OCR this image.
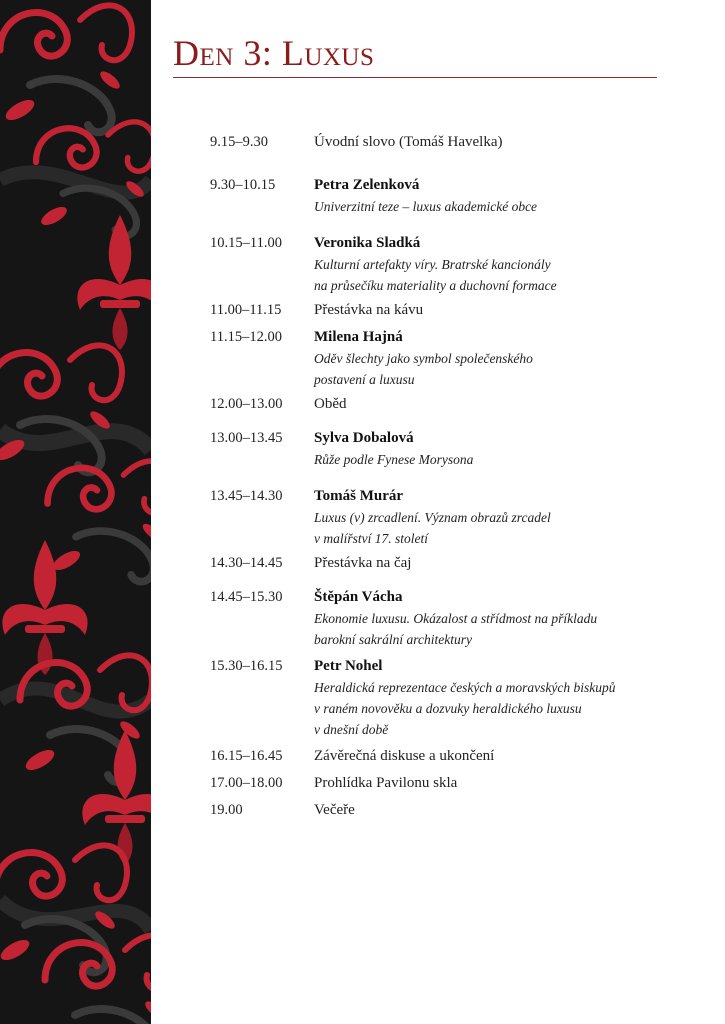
Den 3: Luxus
9.15–9.30	Úvodní slovo (Tomáš Havelka)
9.30–10.15	Petra Zelenková
Univerzitní teze – luxus akademické obce
10.15–11.00	Veronika Sladká
Kulturní artefakty víry. Bratrské kancionály
na průsečíku materiality a duchovní formace
11.00–11.15	Přestávka na kávu
11.15–12.00	Milena Hajná
Oděv šlechty jako symbol společenského
postavení a luxusu
12.00–13.00	Oběd
13.00–13.45	Sylva Dobalová
Růže podle Fynese Morysona
13.45–14.30	Tomáš Murár
Luxus (v) zrcadlení. Význam obrazů zrcadel
v malířství 17. století
14.30–14.45	Přestávka na čaj
14.45–15.30	Štěpán Vácha
Ekonomie luxusu. Okázalost a střídmost na příkladu
barokní sakrální architektury
15.30–16.15	Petr Nohel
Heraldická reprezentace českých a moravských biskupů
v raném novověku a dozvuky heraldického luxusu
v dnešní době
16.15–16.45	Závěrečná diskuse a ukončení
17.00–18.00	Prohlídka Pavilonu skla
19.00	Večeře
